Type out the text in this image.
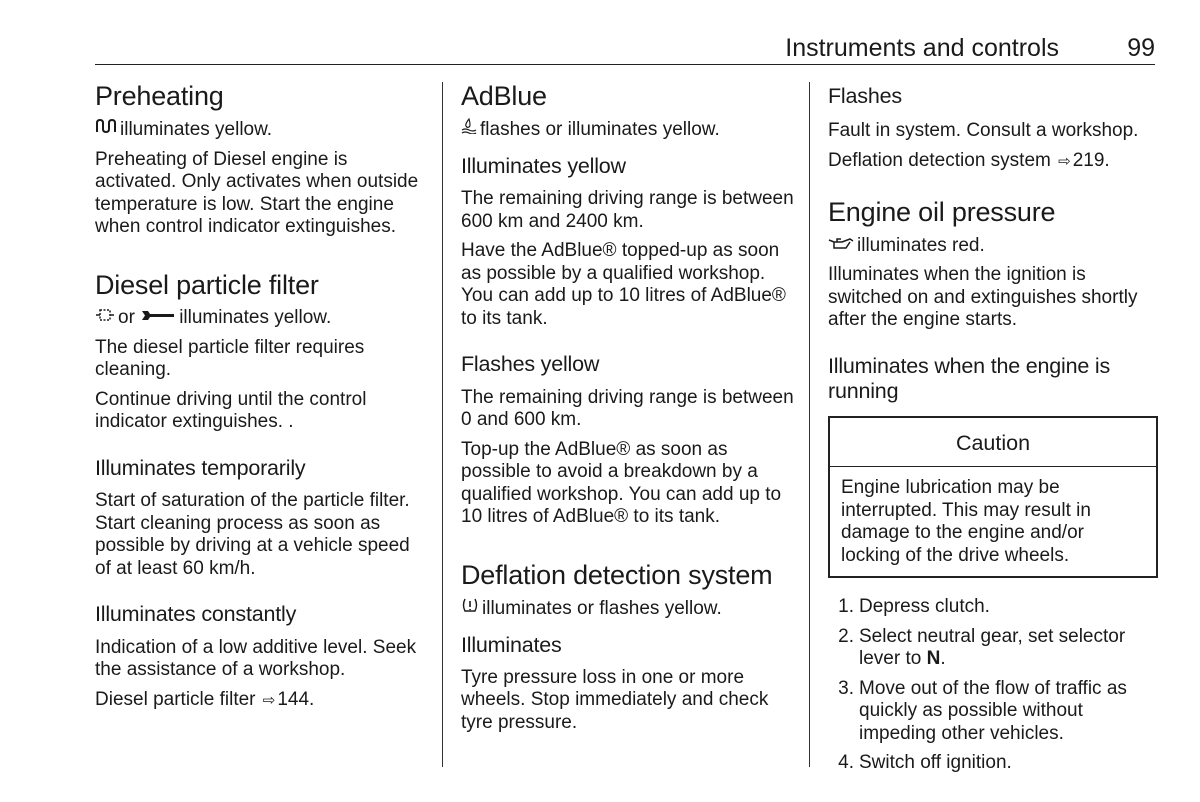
Instruments and controls	99
Preheating

illuminates yellow.

Preheating of Diesel engine is activated. Only activates when outside temperature is low. Start the engine when control indicator extinguishes.

Diesel particle filter

or illuminates yellow.

The diesel particle filter requires cleaning.

Continue driving until the control indicator extinguishes. .

Illuminates temporarily

Start of saturation of the particle filter. Start cleaning process as soon as possible by driving at a vehicle speed of at least 60 km/h.

Illuminates constantly

Indication of a low additive level. Seek the assistance of a workshop.

Diesel particle filter ⇨ 144.

AdBlue

flashes or illuminates yellow.

Illuminates yellow

The remaining driving range is between 600 km and 2400 km.

Have the AdBlue® topped-up as soon as possible by a qualified workshop. You can add up to 10 litres of AdBlue® to its tank.

Flashes yellow

The remaining driving range is between 0 and 600 km.

Top-up the AdBlue® as soon as possible to avoid a breakdown by a qualified workshop. You can add up to 10 litres of AdBlue® to its tank.

Deflation detection system

illuminates or flashes yellow.

Illuminates

Tyre pressure loss in one or more wheels. Stop immediately and check tyre pressure.

Flashes

Fault in system. Consult a workshop.

Deflation detection system ⇨ 219.

Engine oil pressure

illuminates red.

Illuminates when the ignition is switched on and extinguishes shortly after the engine starts.

Illuminates when the engine is running
Caution
Engine lubrication may be interrupted. This may result in damage to the engine and/or locking of the drive wheels.
1. Depress clutch.
2. Select neutral gear, set selector lever to N.
3. Move out of the flow of traffic as quickly as possible without impeding other vehicles.
4. Switch off ignition.
